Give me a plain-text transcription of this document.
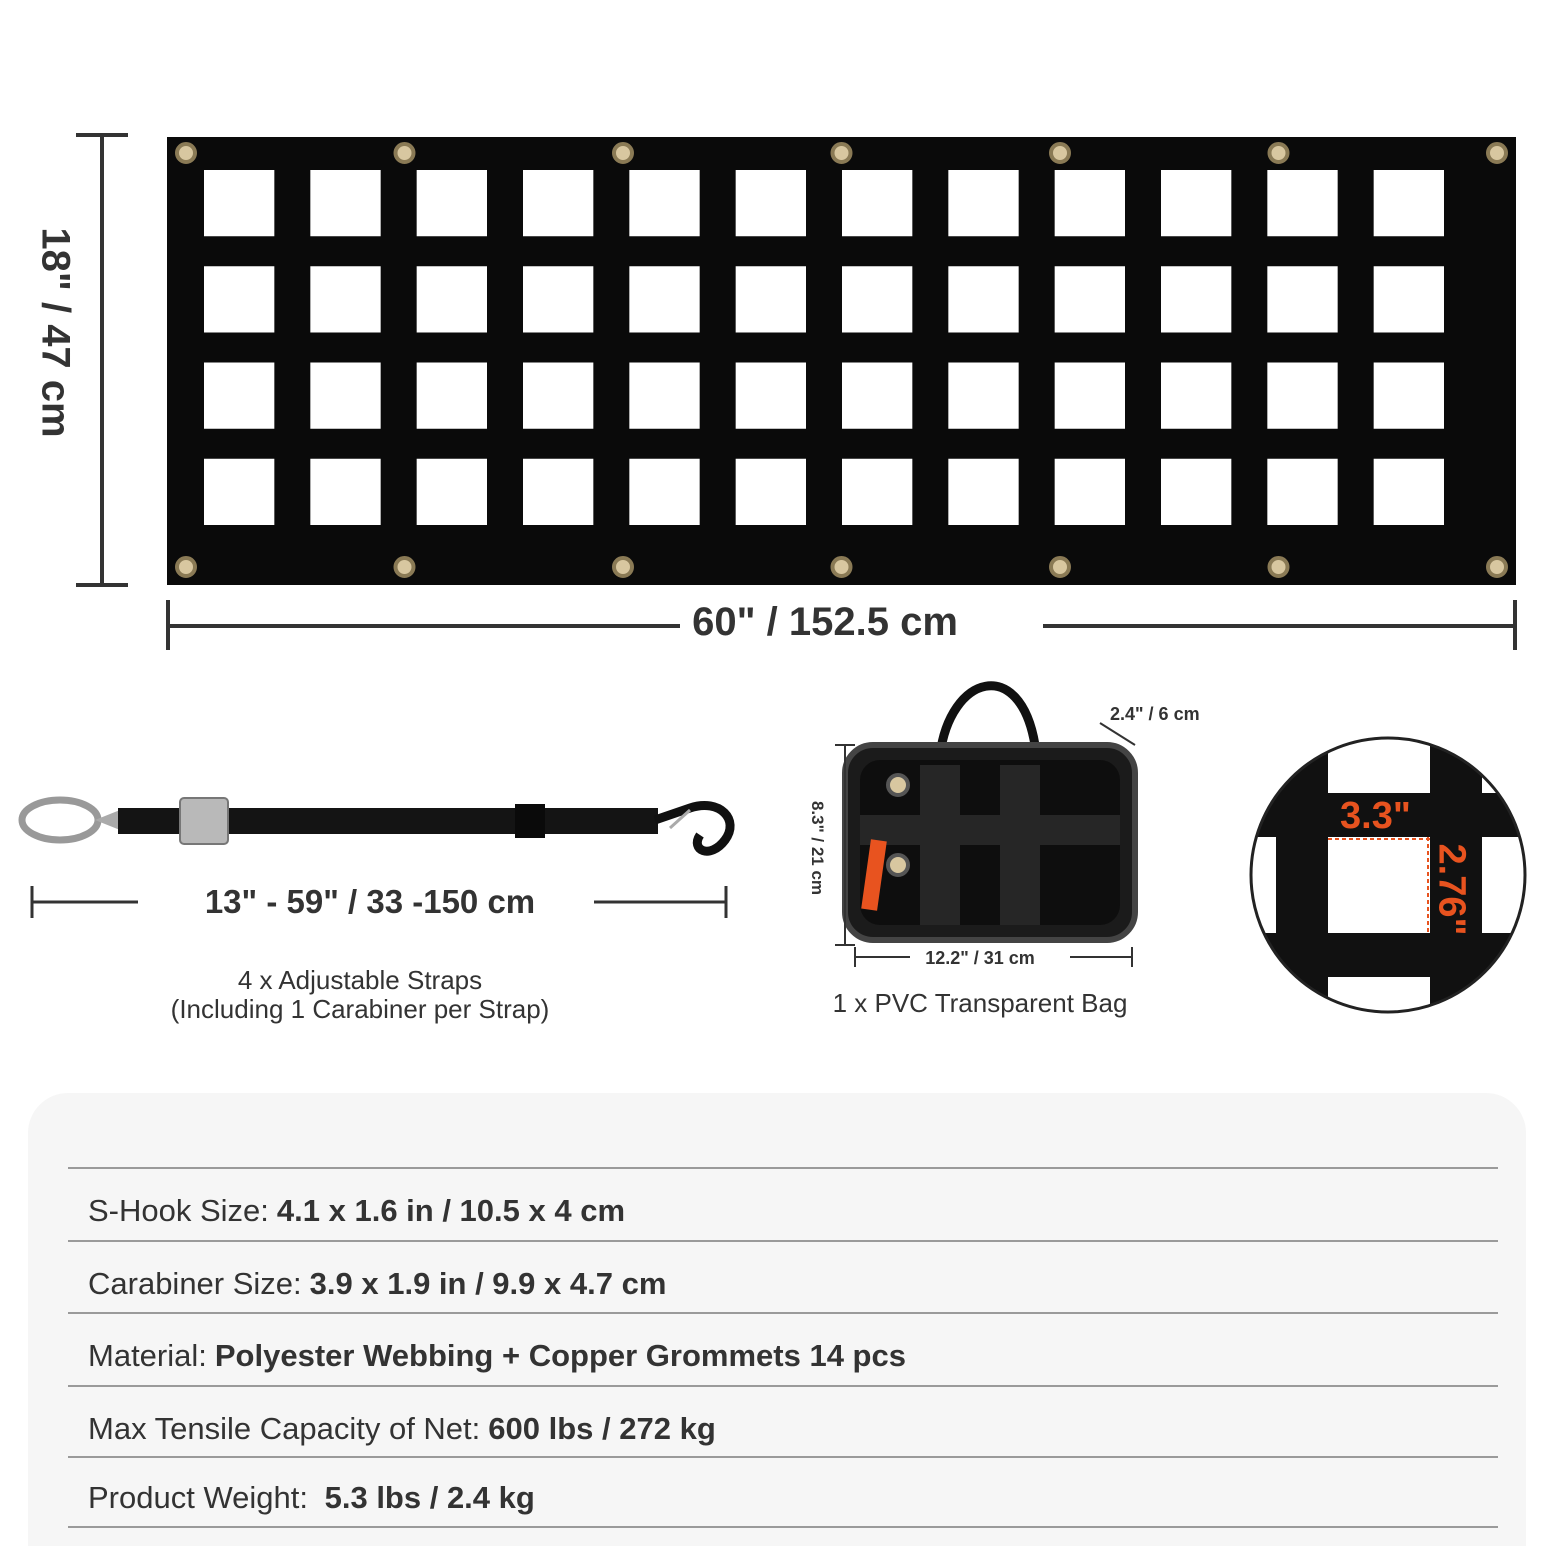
18" / 47 cm
60" / 152.5 cm
13" - 59" / 33 -150 cm
4 x Adjustable Straps
(Including 1 Carabiner per Strap)
2.4" / 6 cm
8.3" / 21 cm
12.2" / 31 cm
1 x PVC Transparent Bag
3.3"
2.76"
S-Hook Size: 4.1 x 1.6 in / 10.5 x 4 cm
Carabiner Size: 3.9 x 1.9 in / 9.9 x 4.7 cm
Material: Polyester Webbing + Copper Grommets 14 pcs
Max Tensile Capacity of Net: 600 lbs / 272 kg
Product Weight: 5.3 lbs / 2.4 kg
